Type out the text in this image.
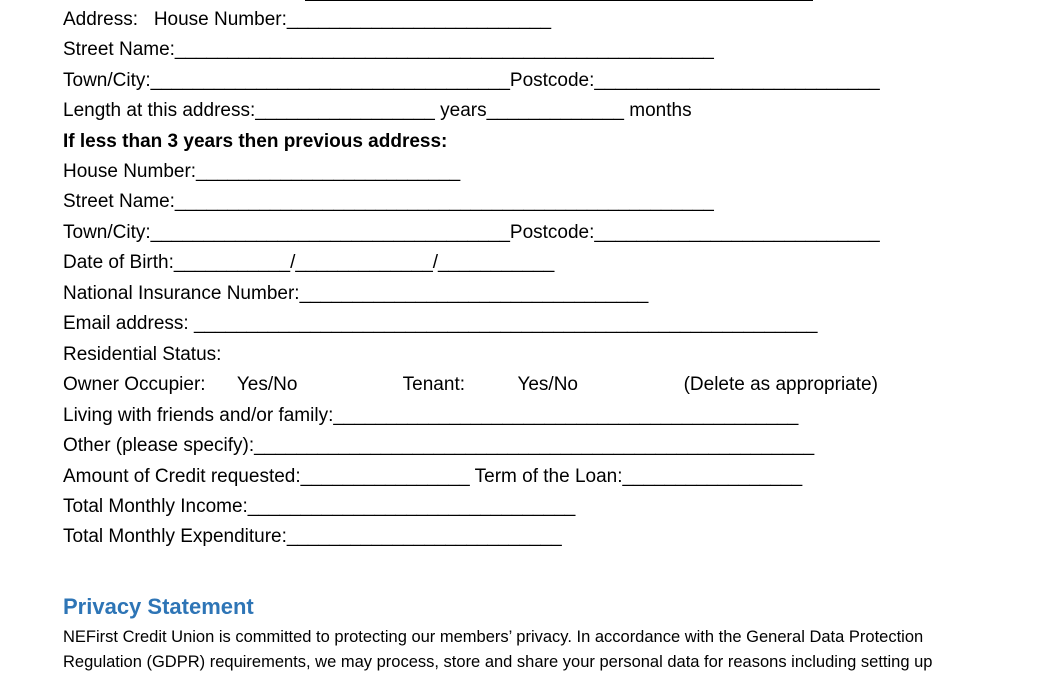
Address:   House Number:_________________________
Street Name:___________________________________________________
Town/City:__________________________________Postcode:___________________________
Length at this address:_________________ years_____________ months
If less than 3 years then previous address:
House Number:_________________________
Street Name:___________________________________________________
Town/City:__________________________________Postcode:___________________________
Date of Birth:___________/_____________/___________
National Insurance Number:_________________________________
Email address: ___________________________________________________________
Residential Status:
Owner Occupier:      Yes/No                    Tenant:          Yes/No                    (Delete as appropriate)
Living with friends and/or family:____________________________________________
Other (please specify):_____________________________________________________
Amount of Credit requested:________________ Term of the Loan:_________________
Total Monthly Income:_______________________________
Total Monthly Expenditure:__________________________
Privacy Statement
NEFirst Credit Union is committed to protecting our members’ privacy. In accordance with the General Data Protection
Regulation (GDPR) requirements, we may process, store and share your personal data for reasons including setting up
